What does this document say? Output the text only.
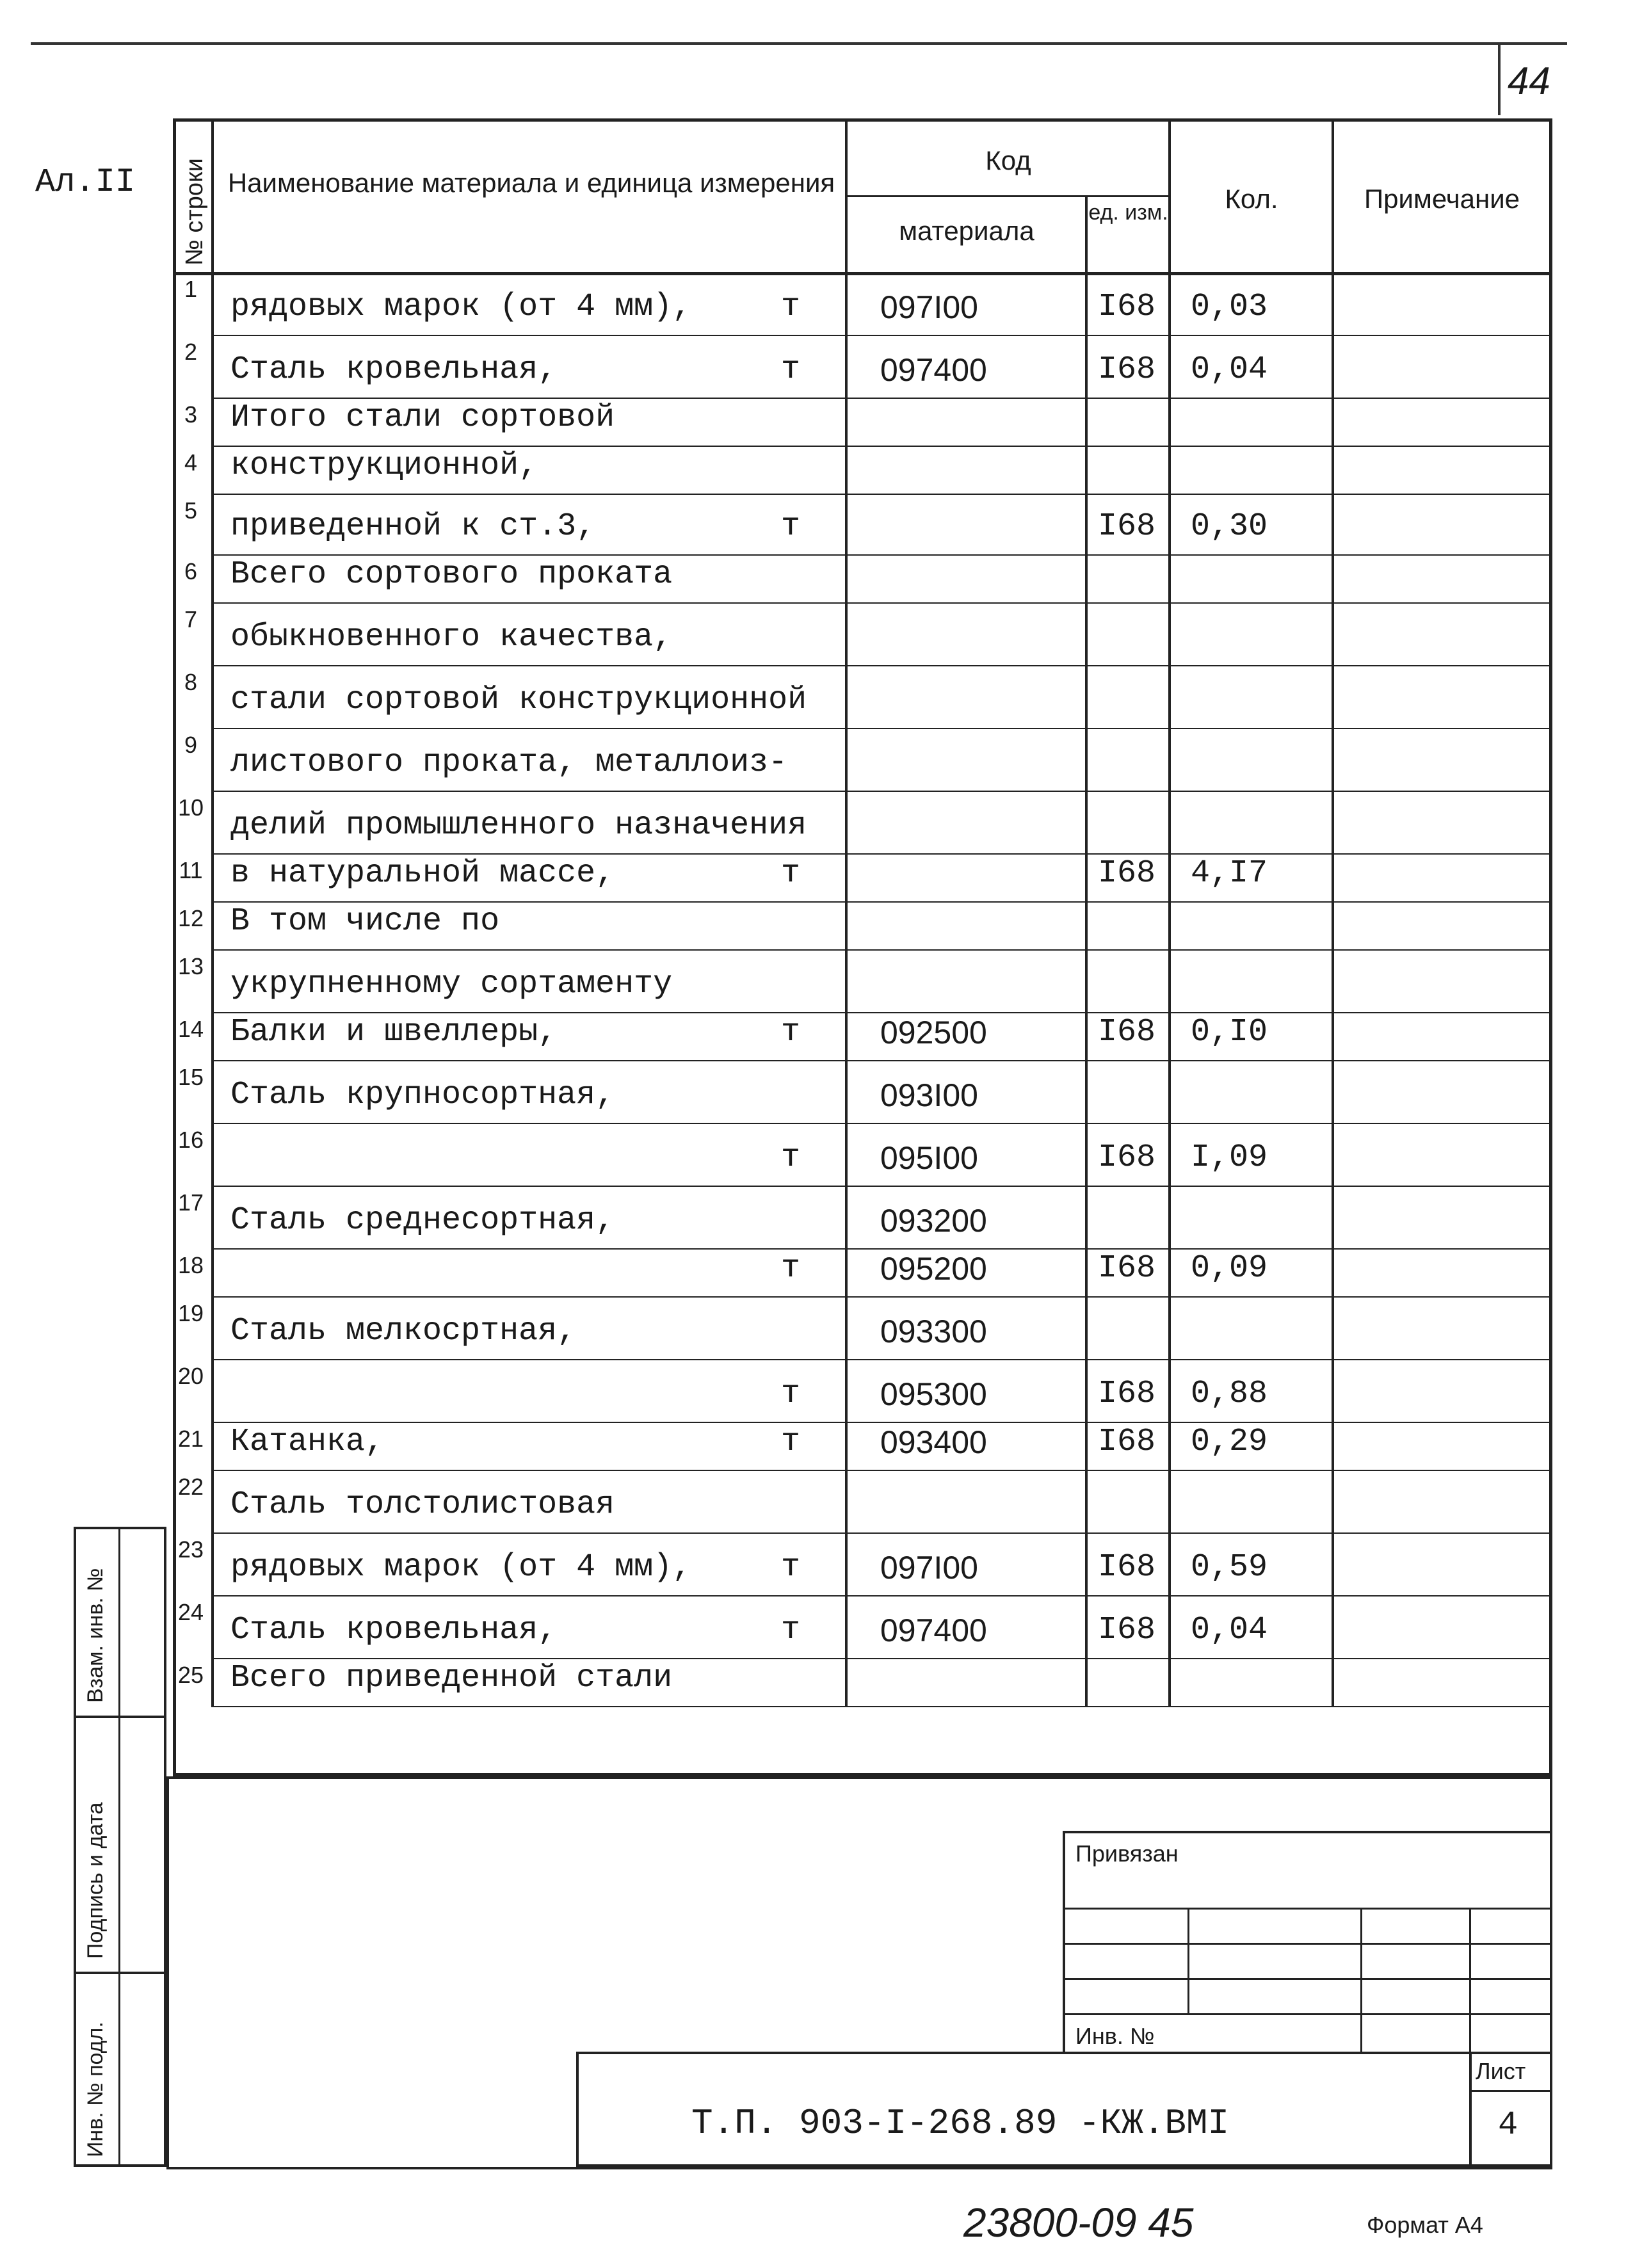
44
Ал.II № строки Наименование материала и единица измерения
Код
материала
ед. изм.	Кол.	Примечание
Взам. инв. №
Подпись и дата
Инв. № подл.
Привязан
Инв. №
Т.П. 903-I-268.89 -КЖ.ВМI
Лист
4
23800-09 45	Формат А4
1 рядовых марок (от 4 мм),	т 097I00	I68 0,03
2 Сталь кровельная,	т 097400	I68 0,04
3 Итого стали сортовой
4 конструкционной,
5 приведенной к ст.3,	т	I68 0,30
6 Всего сортового проката
7 обыкновенного качества,
8 стали сортовой конструкционной
9 листового проката, металлоиз-
10 делий промышленного назначения
11 в натуральной массе,	т	I68 4,I7
12 В том числе по
13 укрупненному сортаменту
14 Балки и швеллеры,	т 092500	I68 0,I0
15 Сталь крупносортная,	093I00
16	т 095I00	I68 I,09
17 Сталь среднесортная,	093200
18	т 095200	I68 0,09
19 Сталь мелкосртная,	093300
20	т 095300	I68 0,88
21 Катанка,	т 093400	I68 0,29
22 Сталь толстолистовая
23 рядовых марок (от 4 мм),	т 097I00	I68 0,59
24 Сталь кровельная,	т 097400	I68 0,04
25 Всего приведенной стали
